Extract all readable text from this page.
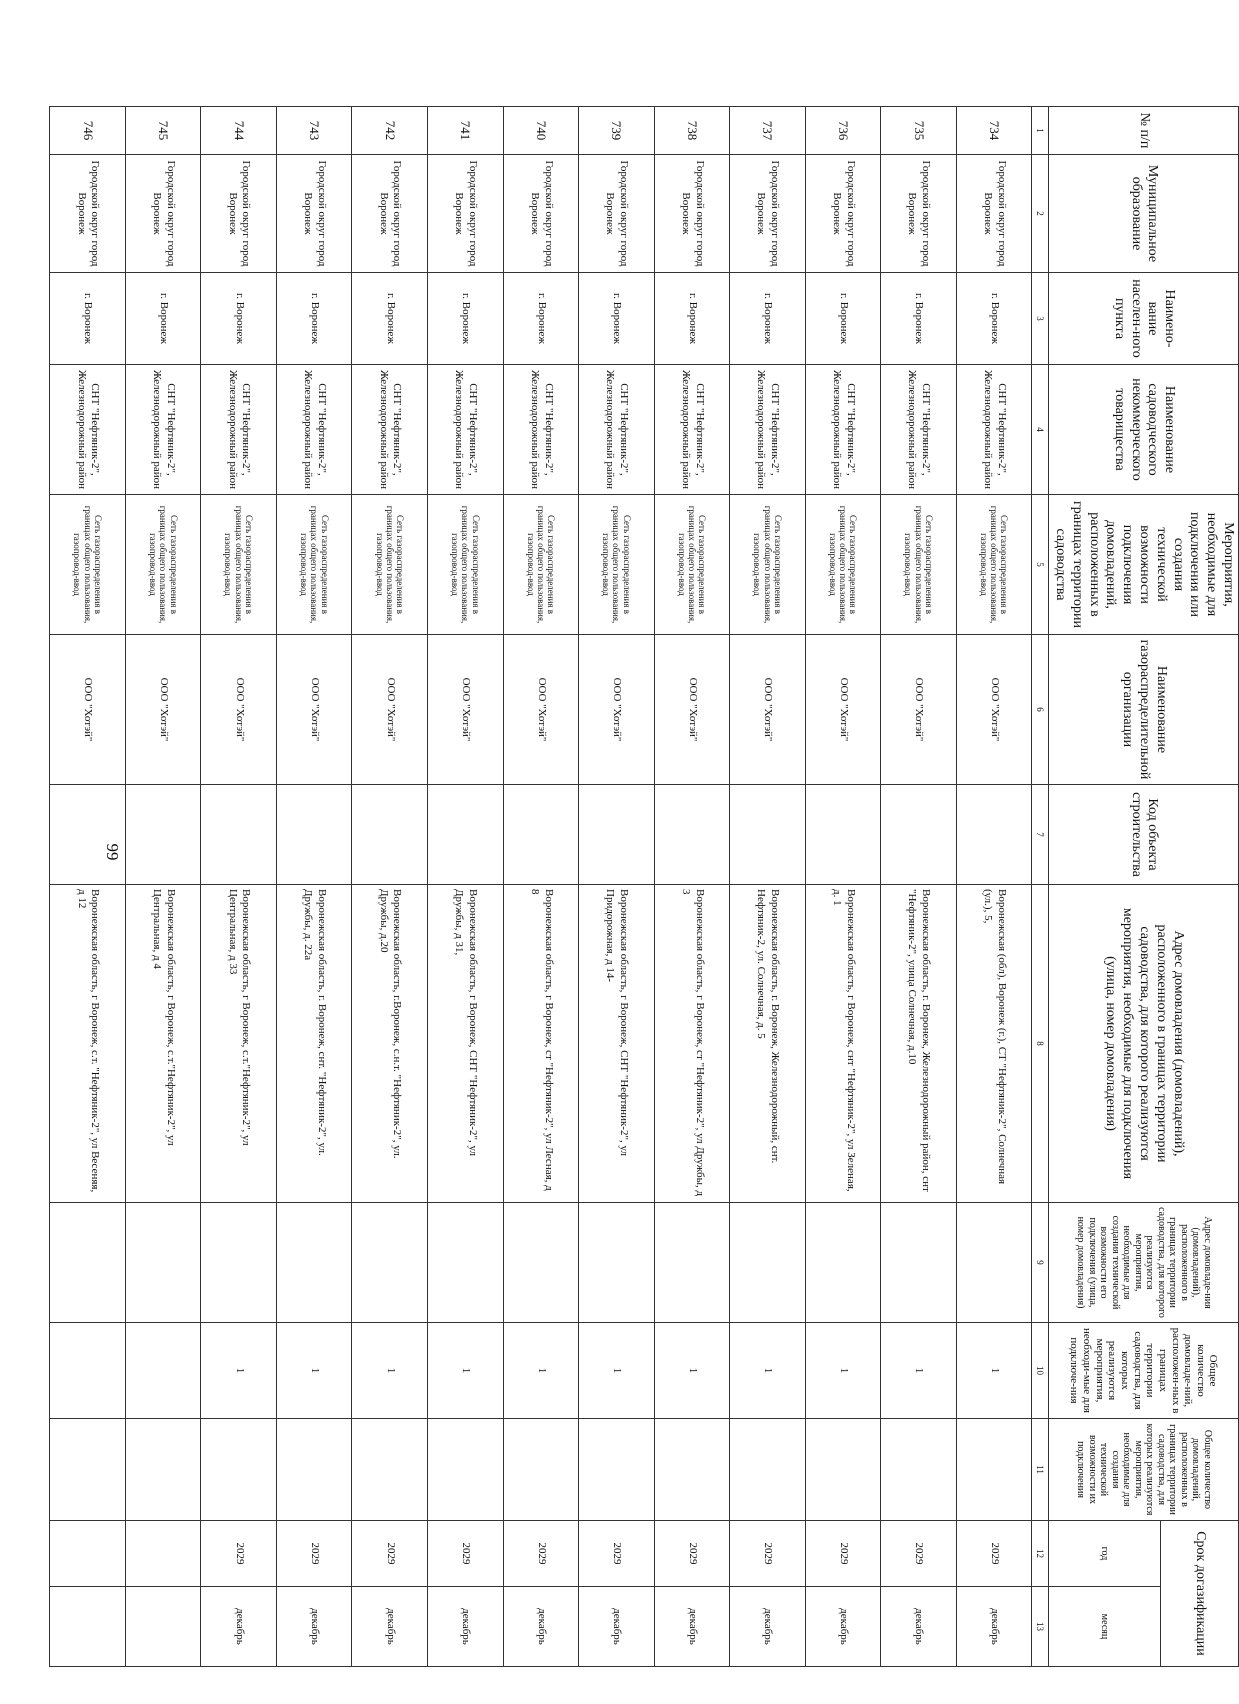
99
№ п/п	Муниципальное образование	Наимено-вание населен-ного пункта	Наименование садоводческого некоммерческого товарищества	Мероприятия, необходимые для подключения или создания технической возможности подключения домовладений, расположенных в границах территории садоводства	Наименование газораспределительной организации	Код объекта строительства	Адрес домовладения (домовладений), расположенного в границах территории садоводства, для которого реализуются мероприятия, необходимые для подключения (улица, номер домовладения)	Адрес домовладе-ния (домовладений), расположенного в границах территории садоводства, для которого реализуются мероприятия, необходимые для создания технической возможности его подключения (улица, номер домовладения)	Общее количество домовладе-ний, расположен-ных в границах территории садоводства, для которых реализуются мероприятия, необходи-мые для подключе-ния	Общее количество домовладений, расположенных в границах территории садоводства, для которых реализуются мероприятия, необходимые для создания технической возможности их подключения	Срок догазификации	
											год	месяц
1	2	3	4	5	6	7	8	9	10	11	12	13
734	Городской округ город Воронеж	г. Воронеж	СНТ "Нефтяник-2", Железнодорожный район	Сеть газораспределения в границах общего пользования, газопровод-ввод	ООО "Хотэй"		Воронежская (обл), Воронеж (г.), СТ "Нефтяник-2", Солнечная (ул.), 5,		1		2029	декабрь
735	Городской округ город Воронеж	г. Воронеж	СНТ "Нефтяник-2", Железнодорожный район	Сеть газораспределения в границах общего пользования, газопровод-ввод	ООО "Хотэй"		Воронежская область, г. Воронеж, Железнодорожный район, снт "Нефтяник-2", улица Солнечная, д.10		1		2029	декабрь
736	Городской округ город Воронеж	г. Воронеж	СНТ "Нефтяник-2", Железнодорожный район	Сеть газораспределения в границах общего пользования, газопровод-ввод	ООО "Хотэй"		Воронежская область, г Воронеж, снт "Нефтяник-2", ул Зеленая, д. 1		1		2029	декабрь
737	Городской округ город Воронеж	г. Воронеж	СНТ "Нефтяник-2", Железнодорожный район	Сеть газораспределения в границах общего пользования, газопровод-ввод	ООО "Хотэй"		Воронежская область, г. Воронеж, Железнодорожный, снт. Нефтяник-2, ул. Солнечная, д. 5		1		2029	декабрь
738	Городской округ город Воронеж	г. Воронеж	СНТ "Нефтяник-2", Железнодорожный район	Сеть газораспределения в границах общего пользования, газопровод-ввод	ООО "Хотэй"		Воронежская область, г Воронеж, ст "Нефтяник-2", ул Дружбы, д 3		1		2029	декабрь
739	Городской округ город Воронеж	г. Воронеж	СНТ "Нефтяник-2", Железнодорожный район	Сеть газораспределения в границах общего пользования, газопровод-ввод	ООО "Хотэй"		Воронежская область, г Воронеж, СНТ "Нефтяник-2", ул Придорожная, д 14-		1		2029	декабрь
740	Городской округ город Воронеж	г. Воронеж	СНТ "Нефтяник-2", Железнодорожный район	Сеть газораспределения в границах общего пользования, газопровод-ввод	ООО "Хотэй"		Воронежская область, г Воронеж, ст "Нефтяник-2", ул Лесная, д 8		1		2029	декабрь
741	Городской округ город Воронеж	г. Воронеж	СНТ "Нефтяник-2", Железнодорожный район	Сеть газораспределения в границах общего пользования, газопровод-ввод	ООО "Хотэй"		Воронежская область, г Воронеж, СНТ "Нефтяник-2", ул Дружбы, д 31,		1		2029	декабрь
742	Городской округ город Воронеж	г. Воронеж	СНТ "Нефтяник-2", Железнодорожный район	Сеть газораспределения в границах общего пользования, газопровод-ввод	ООО "Хотэй"		Воронежская область, г.Воронеж, с.н.т. "Нефтяник-2", ул. Дружбы, д.20		1		2029	декабрь
743	Городской округ город Воронеж	г. Воронеж	СНТ "Нефтяник-2", Железнодорожный район	Сеть газораспределения в границах общего пользования, газопровод-ввод	ООО "Хотэй"		Воронежская область, г. Воронеж, снт. "Нефтяник-2", ул. Дружбы, д. 22а		1		2029	декабрь
744	Городской округ город Воронеж	г. Воронеж	СНТ "Нефтяник-2", Железнодорожный район	Сеть газораспределения в границах общего пользования, газопровод-ввод	ООО "Хотэй"		Воронежская область, г Воронеж, с.т."Нефтяник-2", ул Центральная, д 33		1		2029	декабрь
745	Городской округ город Воронеж	г. Воронеж	СНТ "Нефтяник-2", Железнодорожный район	Сеть газораспределения в границах общего пользования, газопровод-ввод	ООО "Хотэй"		Воронежская область, г Воронеж, с.т."Нефтяник-2", ул Центральная, д 4					
746	Городской округ город Воронеж	г. Воронеж	СНТ "Нефтяник-2", Железнодорожный район	Сеть газораспределения в границах общего пользования, газопровод-ввод	ООО "Хотэй"		Воронежская область, г Воронеж, с.т. "Нефтяник-2", ул Весеняя, д 12					
